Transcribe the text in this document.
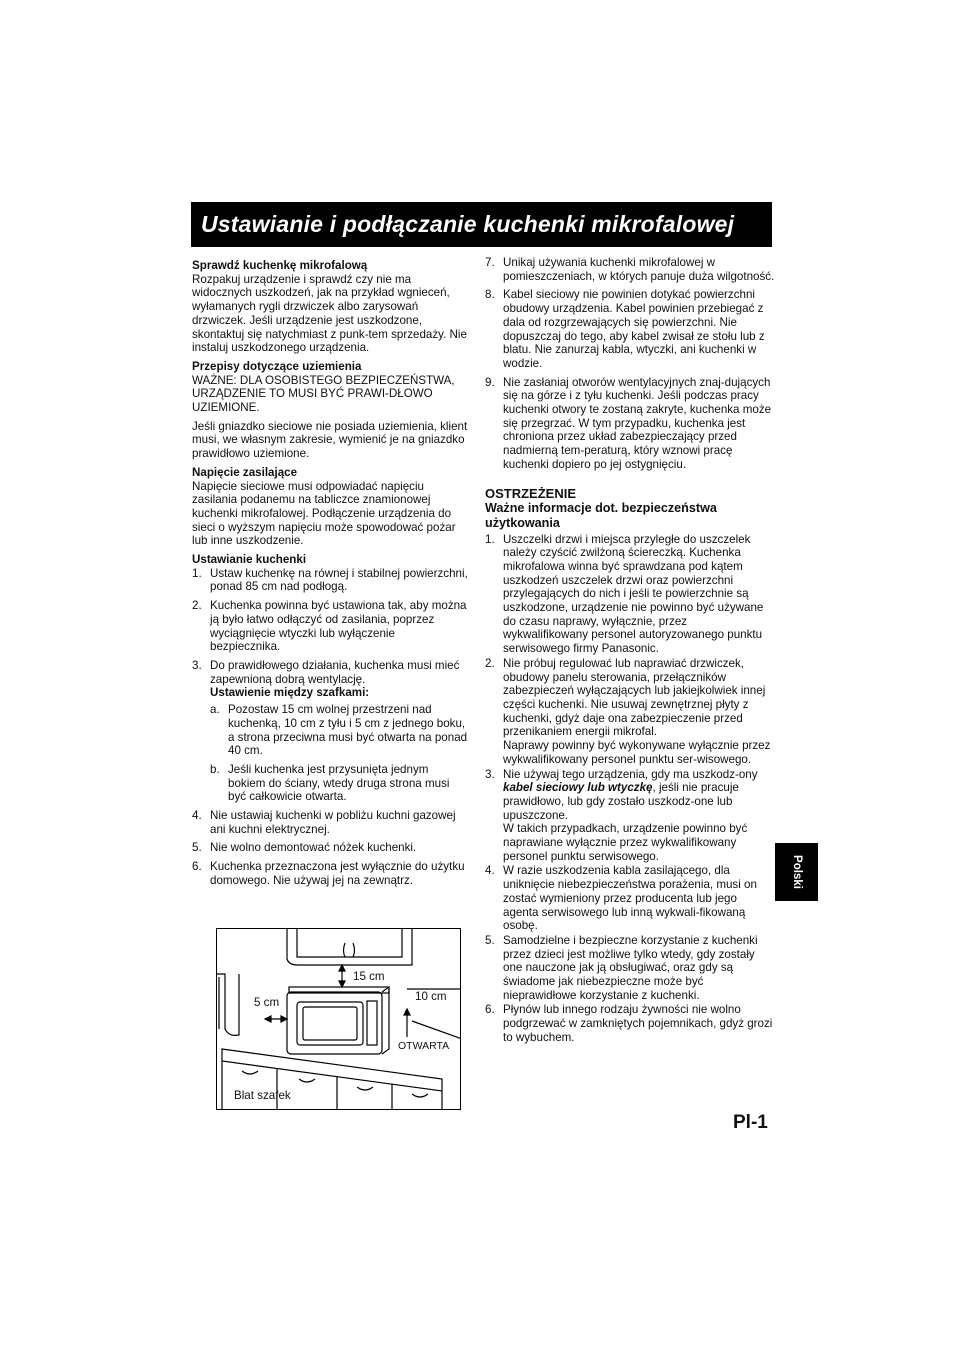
Ustawianie i podłączanie kuchenki mikrofalowej

Sprawdź kuchenkę mikrofalową

Rozpakuj urządzenie i sprawdź czy nie ma widocznych uszkodzeń, jak na przykład wgnieceń, wyłamanych rygli drzwiczek albo zarysowań drzwiczek. Jeśli urządzenie jest uszkodzone, skontaktuj się natychmiast z punk-tem sprzedaży. Nie instaluj uszkodzonego urządzenia.

Przepisy dotyczące uziemienia

WAŻNE: DLA OSOBISTEGO BEZPIECZEŃSTWA, URZĄDZENIE TO MUSI BYĆ PRAWI-DŁOWO UZIEMIONE.

Jeśli gniazdko sieciowe nie posiada uziemienia, klient musi, we własnym zakresie, wymienić je na gniazdko prawidłowo uziemione.

Napięcie zasilające

Napięcie sieciowe musi odpowiadać napięciu zasilania podanemu na tabliczce znamionowej kuchenki mikrofalowej. Podłączenie urządzenia do sieci o wyższym napięciu może spowodować pożar lub inne uszkodzenie.

Ustawianie kuchenki

1. Ustaw kuchenkę na równej i stabilnej powierzchni, ponad 85 cm nad podłogą.
2. Kuchenka powinna być ustawiona tak, aby można ją było łatwo odłączyć od zasilania, poprzez wyciągnięcie wtyczki lub wyłączenie bezpiecznika.
3. Do prawidłowego działania, kuchenka musi mieć zapewnioną dobrą wentylację.
Ustawienie między szafkami:
a. Pozostaw 15 cm wolnej przestrzeni nad kuchenką, 10 cm z tyłu i 5 cm z jednego boku, a strona przeciwna musi być otwarta na ponad 40 cm.
b. Jeśli kuchenka jest przysunięta jednym bokiem do ściany, wtedy druga strona musi być całkowicie otwarta.
4. Nie ustawiaj kuchenki w pobliżu kuchni gazowej ani kuchni elektrycznej.
5. Nie wolno demontować nóżek kuchenki.
6. Kuchenka przeznaczona jest wyłącznie do użytku domowego. Nie używaj jej na zewnątrz.
15 cm
5 cm	10 cm
OTWARTA
Blat szafek
7. Unikaj używania kuchenki mikrofalowej w pomieszczeniach, w których panuje duża wilgotność.
8. Kabel sieciowy nie powinien dotykać powierzchni obudowy urządzenia. Kabel powinien przebiegać z dala od rozgrzewających się powierzchni. Nie dopuszczaj do tego, aby kabel zwisał ze stołu lub z blatu. Nie zanurzaj kabla, wtyczki, ani kuchenki w wodzie.
9. Nie zasłaniaj otworów wentylacyjnych znaj-dujących się na górze i z tyłu kuchenki. Jeśli podczas pracy kuchenki otwory te zostaną zakryte, kuchenka może się przegrzać. W tym przypadku, kuchenka jest chroniona przez układ zabezpieczający przed nadmierną tem-peraturą, który wznowi pracę kuchenki dopiero po jej ostygnięciu.
OSTRZEŻENIE
Ważne informacje dot. bezpieczeństwa użytkowania
1. Uszczelki drzwi i miejsca przyległe do uszczelek należy czyścić zwilżoną ściereczką. Kuchenka mikrofalowa winna być sprawdzana pod kątem uszkodzeń uszczelek drzwi oraz powierzchni przylegających do nich i jeśli te powierzchnie są uszkodzone, urządzenie nie powinno być używane do czasu naprawy, wyłącznie, przez wykwalifikowany personel autoryzowanego punktu serwisowego firmy Panasonic.
2. Nie próbuj regulować lub naprawiać drzwiczek, obudowy panelu sterowania, przełączników zabezpieczeń wyłączających lub jakiejkolwiek innej części kuchenki. Nie usuwaj zewnętrznej płyty z kuchenki, gdyż daje ona zabezpieczenie przed przenikaniem energii mikrofal.
Naprawy powinny być wykonywane wyłącznie przez wykwalifikowany personel punktu ser-wisowego.
3. Nie używaj tego urządzenia, gdy ma uszkodz-ony kabel sieciowy lub wtyczkę, jeśli nie pracuje prawidłowo, lub gdy zostało uszkodz-one lub upuszczone.
W takich przypadkach, urządzenie powinno być naprawiane wyłącznie przez wykwalifikowany personel punktu serwisowego.
4. W razie uszkodzenia kabla zasilającego, dla uniknięcie niebezpieczeństwa porażenia, musi on zostać wymieniony przez producenta lub jego agenta serwisowego lub inną wykwali-fikowaną osobę.
5. Samodzielne i bezpieczne korzystanie z kuchenki przez dzieci jest możliwe tylko wtedy, gdy zostały one nauczone jak ją obsługiwać, oraz gdy są świadome jak niebezpieczne może być nieprawidłowe korzystanie z kuchenki.
6. Płynów lub innego rodzaju żywności nie wolno podgrzewać w zamkniętych pojemnikach, gdyż grozi to wybuchem.
Polski
Pl-1
